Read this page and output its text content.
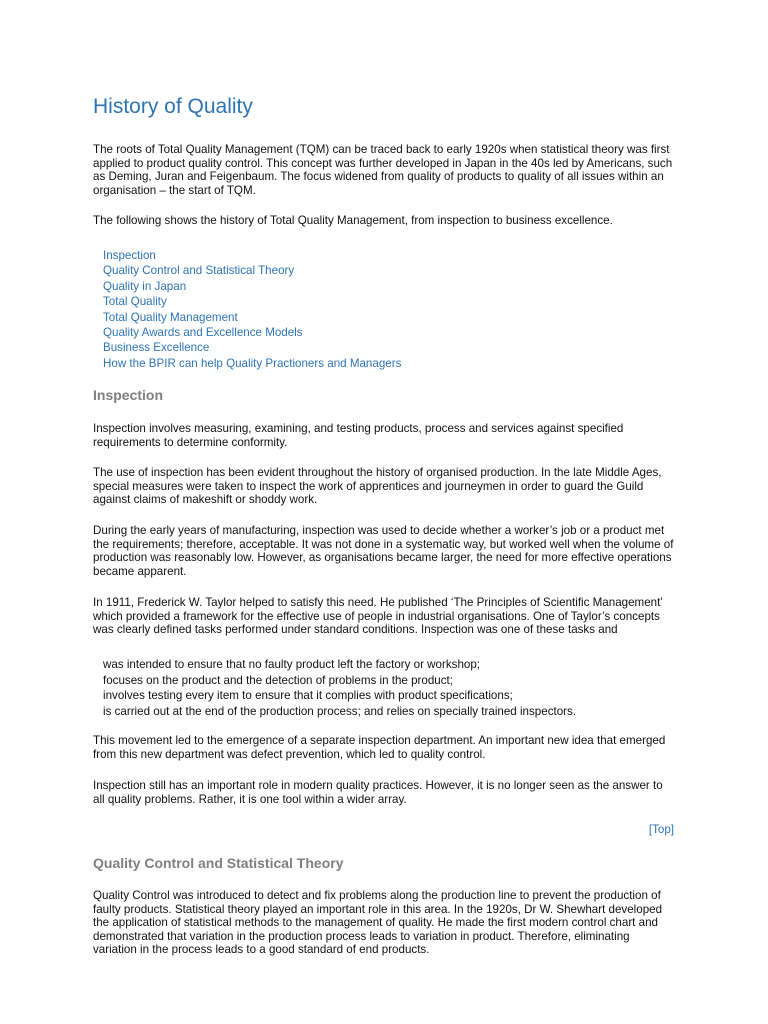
History of Quality

The roots of Total Quality Management (TQM) can be traced back to early 1920s when statistical theory was first
applied to product quality control. This concept was further developed in Japan in the 40s led by Americans, such
as Deming, Juran and Feigenbaum. The focus widened from quality of products to quality of all issues within an
organisation – the start of TQM.

The following shows the history of Total Quality Management, from inspection to business excellence.

Inspection
Quality Control and Statistical Theory
Quality in Japan
Total Quality
Total Quality Management
Quality Awards and Excellence Models
Business Excellence
How the BPIR can help Quality Practioners and Managers
Inspection

Inspection involves measuring, examining, and testing products, process and services against specified
requirements to determine conformity.

The use of inspection has been evident throughout the history of organised production. In the late Middle Ages,
special measures were taken to inspect the work of apprentices and journeymen in order to guard the Guild
against claims of makeshift or shoddy work.

During the early years of manufacturing, inspection was used to decide whether a worker’s job or a product met
the requirements; therefore, acceptable. It was not done in a systematic way, but worked well when the volume of
production was reasonably low. However, as organisations became larger, the need for more effective operations
became apparent.

In 1911, Frederick W. Taylor helped to satisfy this need. He published ‘The Principles of Scientific Management’
which provided a framework for the effective use of people in industrial organisations. One of Taylor’s concepts
was clearly defined tasks performed under standard conditions. Inspection was one of these tasks and

was intended to ensure that no faulty product left the factory or workshop;
focuses on the product and the detection of problems in the product;
involves testing every item to ensure that it complies with product specifications;
is carried out at the end of the production process; and relies on specially trained inspectors.

This movement led to the emergence of a separate inspection department. An important new idea that emerged
from this new department was defect prevention, which led to quality control.

Inspection still has an important role in modern quality practices. However, it is no longer seen as the answer to
all quality problems. Rather, it is one tool within a wider array.

[Top]
Quality Control and Statistical Theory

Quality Control was introduced to detect and fix problems along the production line to prevent the production of
faulty products. Statistical theory played an important role in this area. In the 1920s, Dr W. Shewhart developed
the application of statistical methods to the management of quality. He made the first modern control chart and
demonstrated that variation in the production process leads to variation in product. Therefore, eliminating
variation in the process leads to a good standard of end products.
